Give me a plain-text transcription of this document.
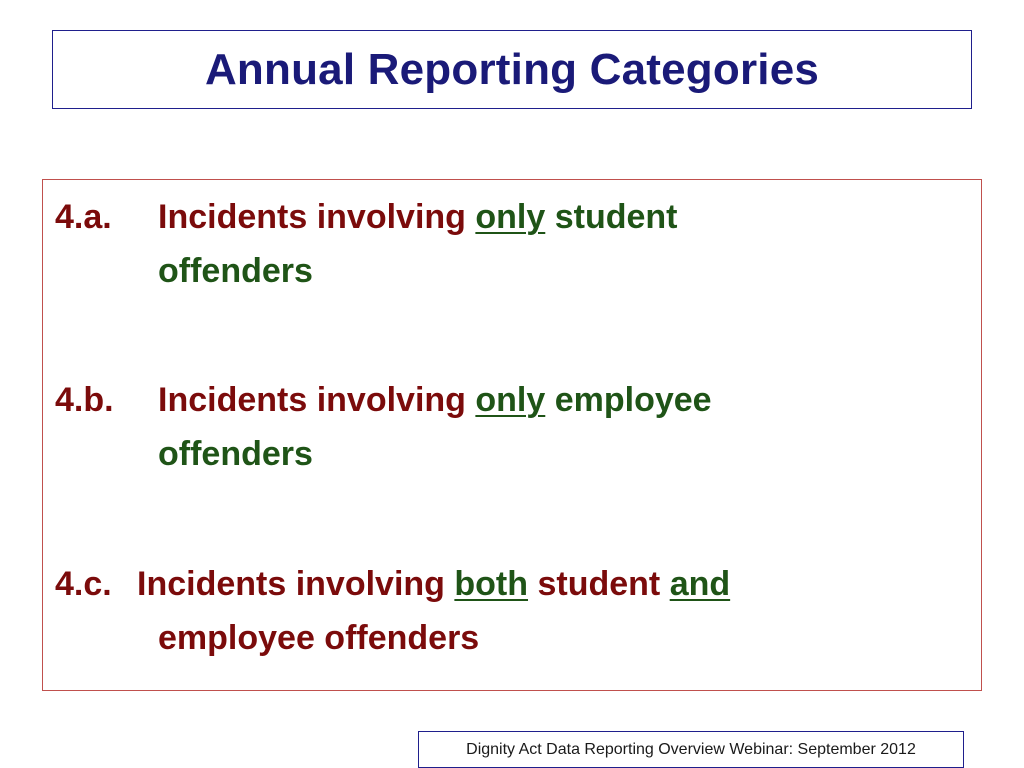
Annual Reporting Categories
4.a. Incidents involving only student
offenders
4.b. Incidents involving only employee
offenders
4.c. Incidents involving both student and
employee offenders
Dignity Act Data Reporting Overview Webinar: September 2012
